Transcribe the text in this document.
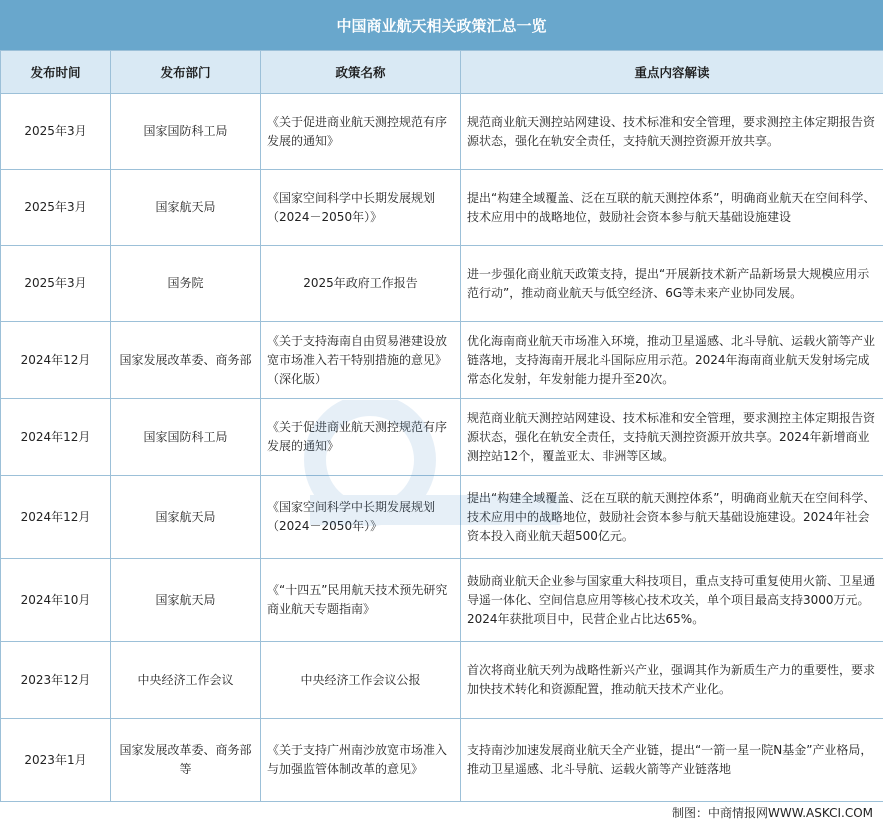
中国商业航天相关政策汇总一览
发布时间	发布部门	政策名称	重点内容解读
2025年3月	国家国防科工局	《关于促进商业航天测控规范有序发展的通知》	规范商业航天测控站网建设、技术标准和安全管理，要求测控主体定期报告资源状态，强化在轨安全责任，支持航天测控资源开放共享。
2025年3月	国家航天局	《国家空间科学中长期发展规划（2024－2050年）》	提出“构建全域覆盖、泛在互联的航天测控体系”，明确商业航天在空间科学、技术应用中的战略地位，鼓励社会资本参与航天基础设施建设
2025年3月	国务院	2025年政府工作报告	进一步强化商业航天政策支持，提出“开展新技术新产品新场景大规模应用示范行动”，推动商业航天与低空经济、6G等未来产业协同发展。
2024年12月	国家发展改革委、商务部	《关于支持海南自由贸易港建设放宽市场准入若干特别措施的意见》（深化版）	优化海南商业航天市场准入环境，推动卫星遥感、北斗导航、运载火箭等产业链落地，支持海南开展北斗国际应用示范。2024年海南商业航天发射场完成常态化发射，年发射能力提升至20次。
2024年12月	国家国防科工局	《关于促进商业航天测控规范有序发展的通知》	规范商业航天测控站网建设、技术标准和安全管理，要求测控主体定期报告资源状态，强化在轨安全责任，支持航天测控资源开放共享。2024年新增商业测控站12个，覆盖亚太、非洲等区域。
2024年12月	国家航天局	《国家空间科学中长期发展规划（2024－2050年）》	提出“构建全域覆盖、泛在互联的航天测控体系”，明确商业航天在空间科学、技术应用中的战略地位，鼓励社会资本参与航天基础设施建设。2024年社会资本投入商业航天超500亿元。
2024年10月	国家航天局	《“十四五”民用航天技术预先研究商业航天专题指南》	鼓励商业航天企业参与国家重大科技项目，重点支持可重复使用火箭、卫星通导遥一体化、空间信息应用等核心技术攻关，单个项目最高支持3000万元。2024年获批项目中，民营企业占比达65%。
2023年12月	中央经济工作会议	中央经济工作会议公报	首次将商业航天列为战略性新兴产业，强调其作为新质生产力的重要性，要求加快技术转化和资源配置，推动航天技术产业化。
2023年1月	国家发展改革委、商务部等	《关于支持广州南沙放宽市场准入与加强监管体制改革的意见》	支持南沙加速发展商业航天全产业链，提出“一箭一星一院N基金”产业格局，推动卫星遥感、北斗导航、运载火箭等产业链落地
制图：中商情报网WWW.ASKCI.COM
